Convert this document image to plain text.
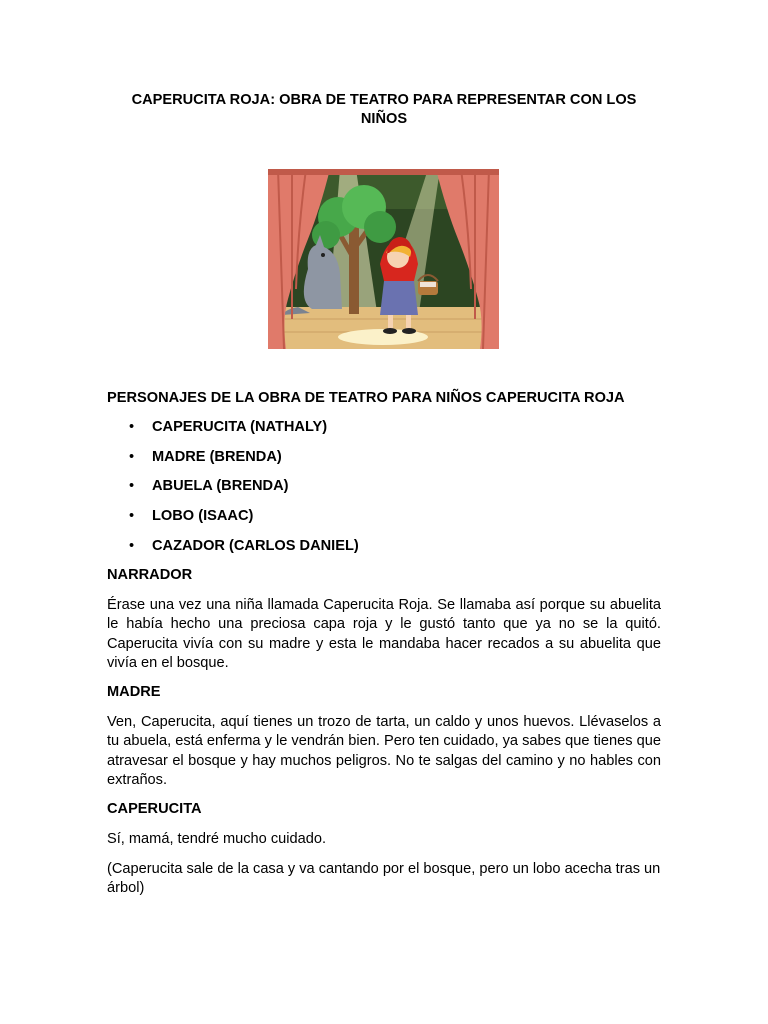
CAPERUCITA ROJA: OBRA DE TEATRO PARA REPRESENTAR CON LOS NIÑOS
PERSONAJES DE LA OBRA DE TEATRO PARA NIÑOS CAPERUCITA ROJA
• CAPERUCITA (NATHALY)
• MADRE (BRENDA)
• ABUELA (BRENDA)
• LOBO (ISAAC)
• CAZADOR (CARLOS DANIEL)
NARRADOR
Érase una vez una niña llamada Caperucita Roja. Se llamaba así porque su abuelita le había hecho una preciosa capa roja y le gustó tanto que ya no se la quitó. Caperucita vivía con su madre y esta le mandaba hacer recados a su abuelita que vivía en el bosque.
MADRE
Ven, Caperucita, aquí tienes un trozo de tarta, un caldo y unos huevos. Llévaselos a tu abuela, está enferma y le vendrán bien. Pero ten cuidado, ya sabes que tienes que atravesar el bosque y hay muchos peligros. No te salgas del camino y no hables con extraños.
CAPERUCITA
Sí, mamá, tendré mucho cuidado.
(Caperucita sale de la casa y va cantando por el bosque, pero un lobo acecha tras un árbol)
